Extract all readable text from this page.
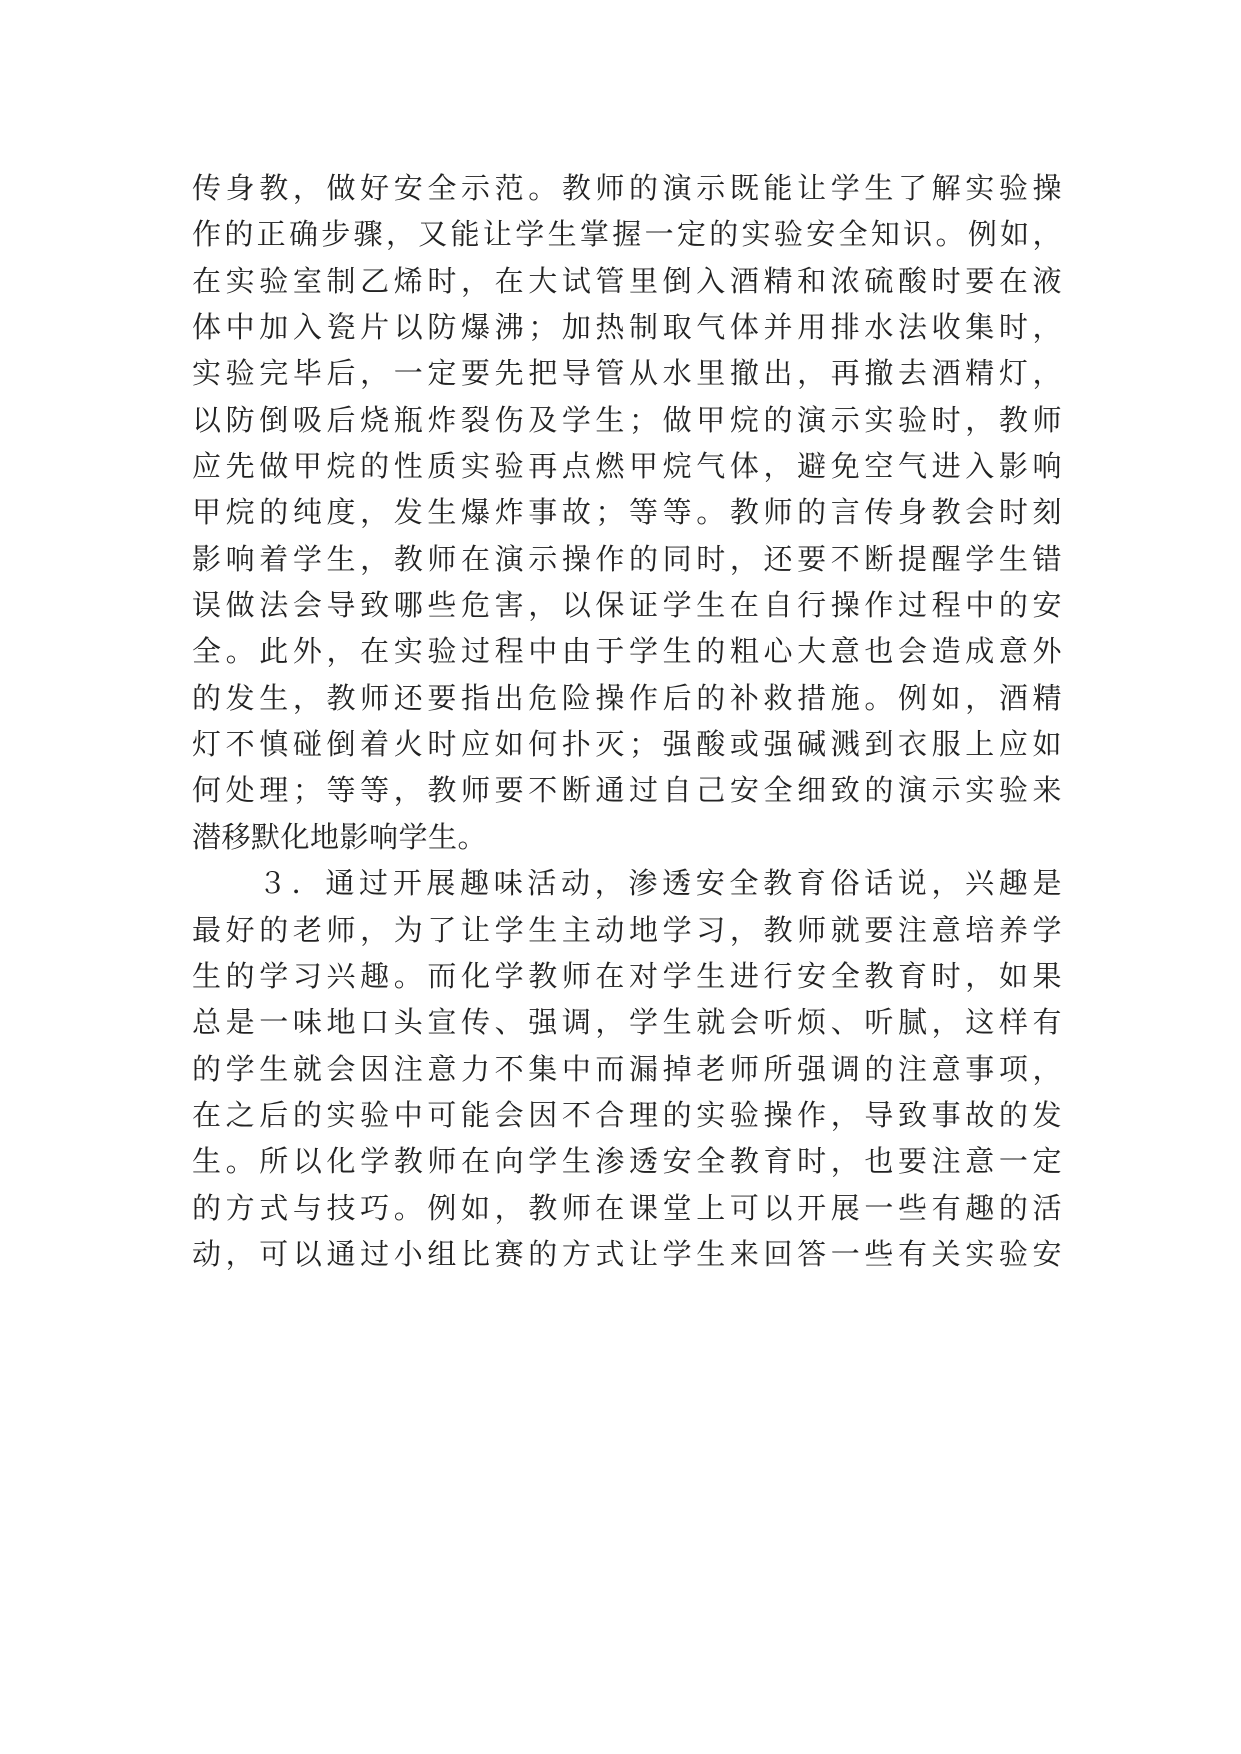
传身教，做好安全示范。教师的演示既能让学生了解实验操
作的正确步骤，又能让学生掌握一定的实验安全知识。例如，
在实验室制乙烯时，在大试管里倒入酒精和浓硫酸时要在液
体中加入瓷片以防爆沸；加热制取气体并用排水法收集时，
实验完毕后，一定要先把导管从水里撤出，再撤去酒精灯，
以防倒吸后烧瓶炸裂伤及学生；做甲烷的演示实验时，教师
应先做甲烷的性质实验再点燃甲烷气体，避免空气进入影响
甲烷的纯度，发生爆炸事故；等等。教师的言传身教会时刻
影响着学生，教师在演示操作的同时，还要不断提醒学生错
误做法会导致哪些危害，以保证学生在自行操作过程中的安
全。此外，在实验过程中由于学生的粗心大意也会造成意外
的发生，教师还要指出危险操作后的补救措施。例如，酒精
灯不慎碰倒着火时应如何扑灭；强酸或强碱溅到衣服上应如
何处理；等等，教师要不断通过自己安全细致的演示实验来
潜移默化地影响学生。
３．通过开展趣味活动，渗透安全教育俗话说，兴趣是
最好的老师，为了让学生主动地学习，教师就要注意培养学
生的学习兴趣。而化学教师在对学生进行安全教育时，如果
总是一味地口头宣传、强调，学生就会听烦、听腻，这样有
的学生就会因注意力不集中而漏掉老师所强调的注意事项，
在之后的实验中可能会因不合理的实验操作，导致事故的发
生。所以化学教师在向学生渗透安全教育时，也要注意一定
的方式与技巧。例如，教师在课堂上可以开展一些有趣的活
动，可以通过小组比赛的方式让学生来回答一些有关实验安
